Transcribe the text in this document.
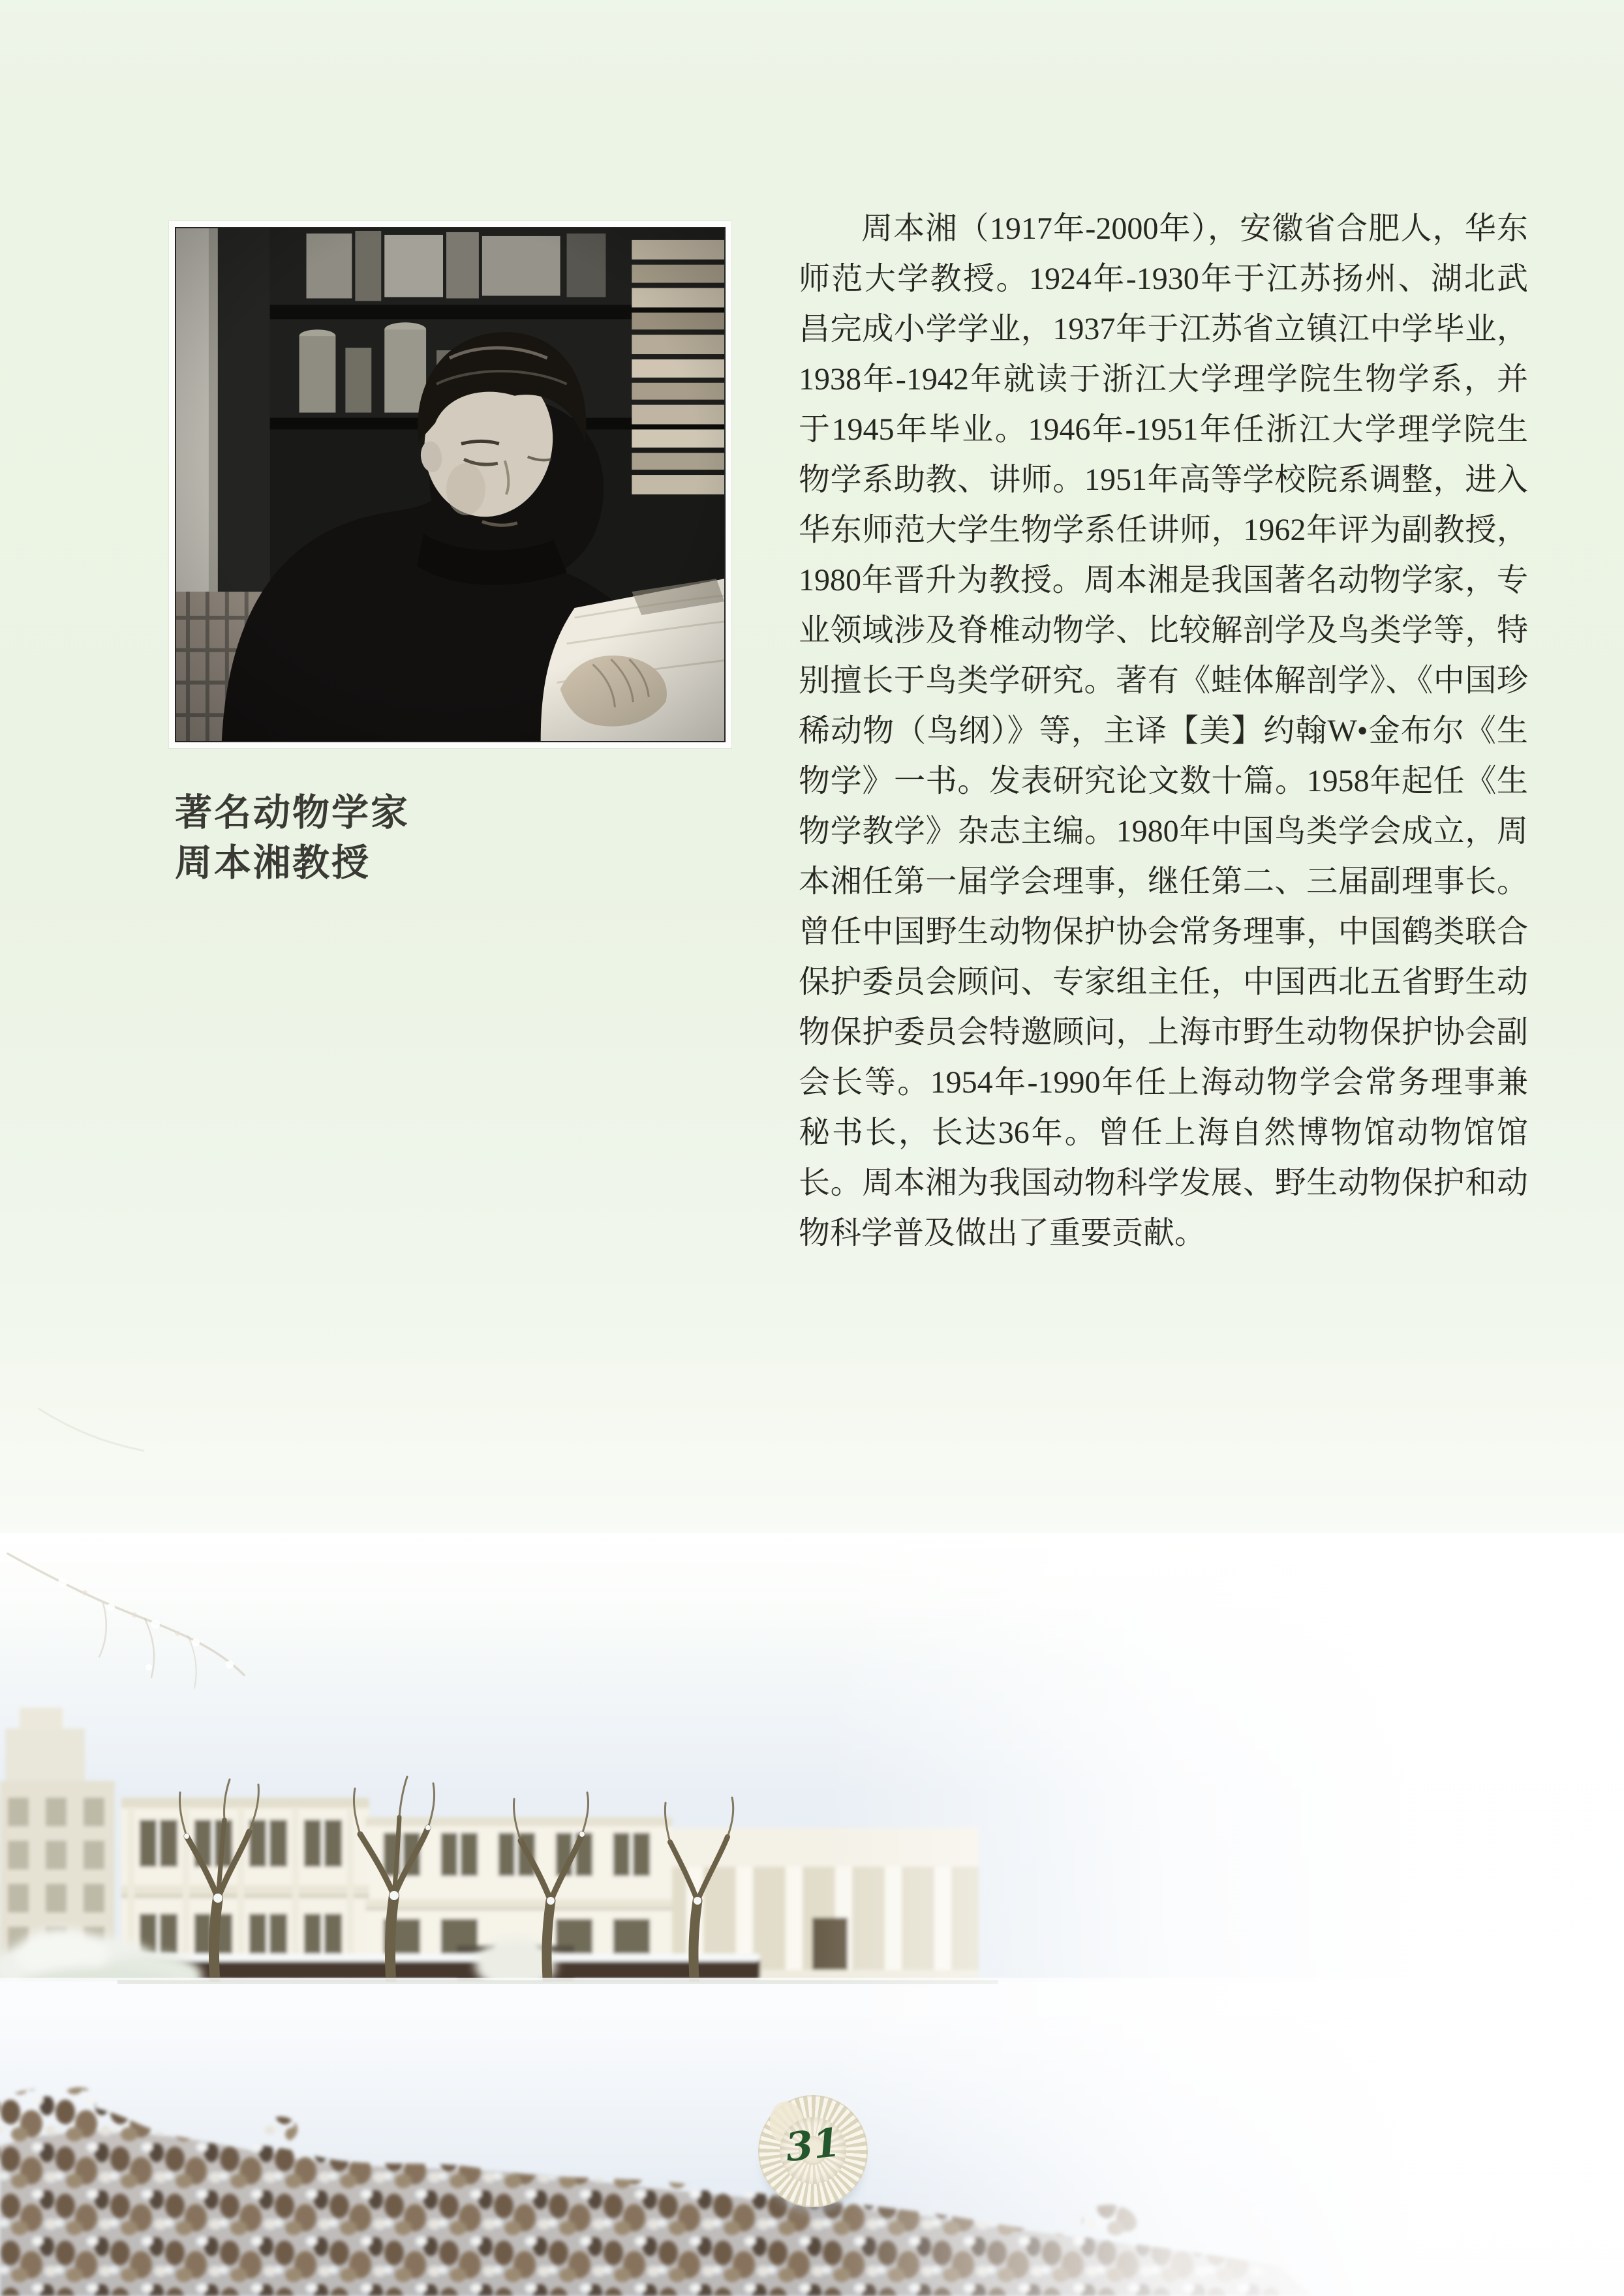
著名动物学家
周本湘教授

周本湘（1917年-2000年），安徽省合肥人，华东师范大学教授。1924年-1930年于江苏扬州、湖北武昌完成小学学业，1937年于江苏省立镇江中学毕业，1938年-1942年就读于浙江大学理学院生物学系，并于1945年毕业。1946年-1951年任浙江大学理学院生物学系助教、讲师。1951年高等学校院系调整，进入华东师范大学生物学系任讲师，1962年评为副教授，1980年晋升为教授。周本湘是我国著名动物学家，专业领域涉及脊椎动物学、比较解剖学及鸟类学等，特别擅长于鸟类学研究。著有《蛙体解剖学》、《中国珍稀动物（鸟纲）》等，主译【美】约翰W•金布尔《生物学》一书。发表研究论文数十篇。1958年起任《生物学教学》杂志主编。1980年中国鸟类学会成立，周本湘任第一届学会理事，继任第二、三届副理事长。曾任中国野生动物保护协会常务理事，中国鹤类联合保护委员会顾问、专家组主任，中国西北五省野生动物保护委员会特邀顾问，上海市野生动物保护协会副会长等。1954年-1990年任上海动物学会常务理事兼秘书长，长达36年。曾任上海自然博物馆动物馆馆长。周本湘为我国动物科学发展、野生动物保护和动物科学普及做出了重要贡献。

31
